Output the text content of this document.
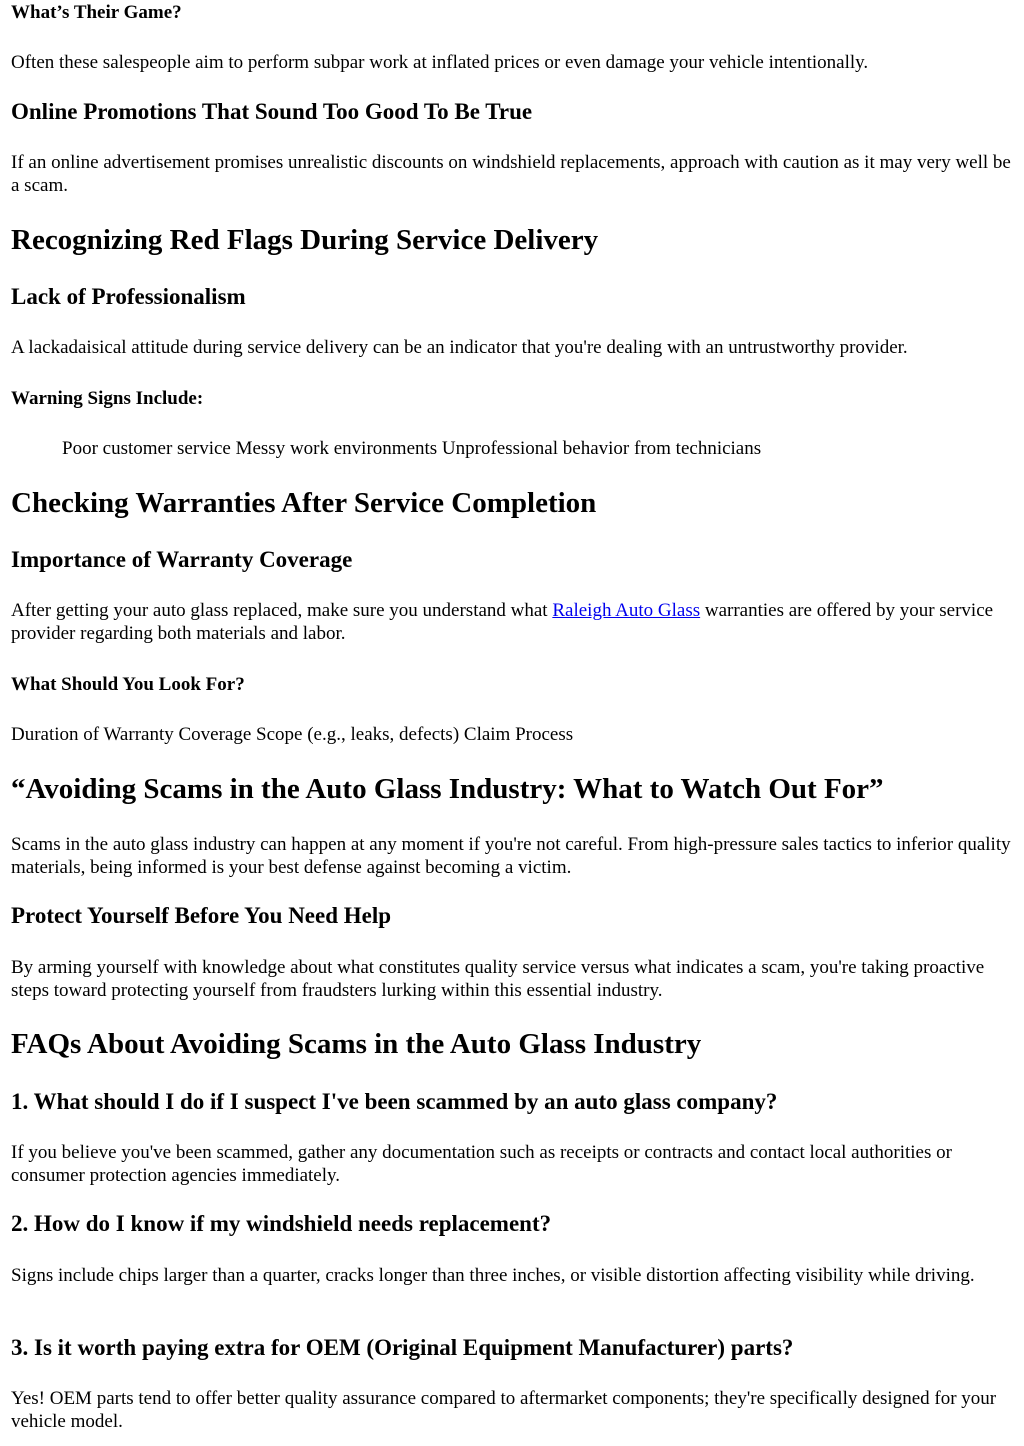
What’s Their Game?
Often these salespeople aim to perform subpar work at inflated prices or even damage your vehicle intentionally.
Online Promotions That Sound Too Good To Be True
If an online advertisement promises unrealistic discounts on windshield replacements, approach with caution as it may very well be a scam.
Recognizing Red Flags During Service Delivery
Lack of Professionalism
A lackadaisical attitude during service delivery can be an indicator that you're dealing with an untrustworthy provider.
Warning Signs Include:
Poor customer service Messy work environments Unprofessional behavior from technicians
Checking Warranties After Service Completion
Importance of Warranty Coverage
After getting your auto glass replaced, make sure you understand what Raleigh Auto Glass warranties are offered by your service provider regarding both materials and labor.
What Should You Look For?
Duration of Warranty Coverage Scope (e.g., leaks, defects) Claim Process
“Avoiding Scams in the Auto Glass Industry: What to Watch Out For”
Scams in the auto glass industry can happen at any moment if you're not careful. From high-pressure sales tactics to inferior quality materials, being informed is your best defense against becoming a victim.
Protect Yourself Before You Need Help
By arming yourself with knowledge about what constitutes quality service versus what indicates a scam, you're taking proactive steps toward protecting yourself from fraudsters lurking within this essential industry.
FAQs About Avoiding Scams in the Auto Glass Industry
1. What should I do if I suspect I've been scammed by an auto glass company?
If you believe you've been scammed, gather any documentation such as receipts or contracts and contact local authorities or consumer protection agencies immediately.
2. How do I know if my windshield needs replacement?
Signs include chips larger than a quarter, cracks longer than three inches, or visible distortion affecting visibility while driving.
3. Is it worth paying extra for OEM (Original Equipment Manufacturer) parts?
Yes! OEM parts tend to offer better quality assurance compared to aftermarket components; they're specifically designed for your vehicle model.
